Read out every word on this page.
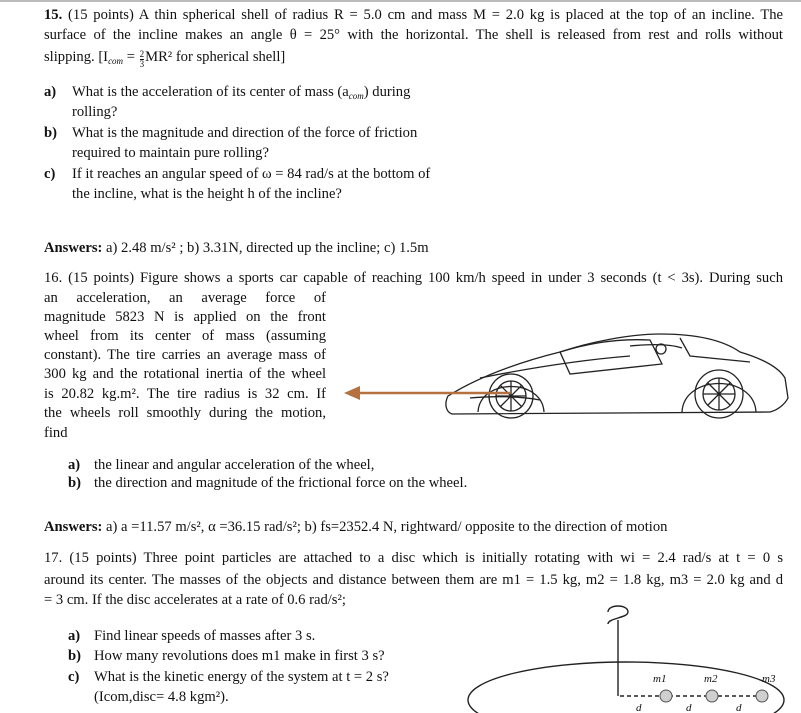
15. (15 points) A thin spherical shell of radius R = 5.0 cm and mass M = 2.0 kg is placed at the top of an incline. The
surface of the incline makes an angle θ = 25° with the horizontal. The shell is released from rest and rolls without
slipping. [$I_{com} = \frac{2}{3} MR^2$ for spherical shell]
a) What is the acceleration of its center of mass $(a_{com})$ during
rolling?
b) What is the magnitude and direction of the force of friction
required to maintain pure rolling?
c) If it reaches an angular speed of ω = 84 rad/s at the bottom of
the incline, what is the height h of the incline?
Answers: a) 2.48 m/s² ; b) 3.31N, directed up the incline; c) 1.5m
16. (15 points) Figure shows a sports car capable of reaching 100 km/h speed in under 3 seconds (t < 3s). During such
an acceleration, an average force of
magnitude 5823 N is applied on the front
wheel from its center of mass (assuming
constant). The tire carries an average mass of
300 kg and the rotational inertia of the wheel
is 20.82 kg.m². The tire radius is 32 cm. If
the wheels roll smoothly during the motion,
find
a) the linear and angular acceleration of the wheel,
b) the direction and magnitude of the frictional force on the wheel.
Answers: a) a =11.57 m/s², α =36.15 rad/s²; b) fs=2352.4 N, rightward/ opposite to the direction of motion
17. (15 points) Three point particles are attached to a disc which is initially rotating with wi = 2.4 rad/s at t = 0 s
around its center. The masses of the objects and distance between them are m1 = 1.5 kg, m2 = 1.8 kg, m3 = 2.0 kg and d
= 3 cm. If the disc accelerates at a rate of 0.6 rad/s²;
a) Find linear speeds of masses after 3 s.
b) How many revolutions does m1 make in first 3 s?
c) What is the kinetic energy of the system at t = 2 s?
(Icom,disc= 4.8 kgm²).
m1	m2	m3
d	d	d
